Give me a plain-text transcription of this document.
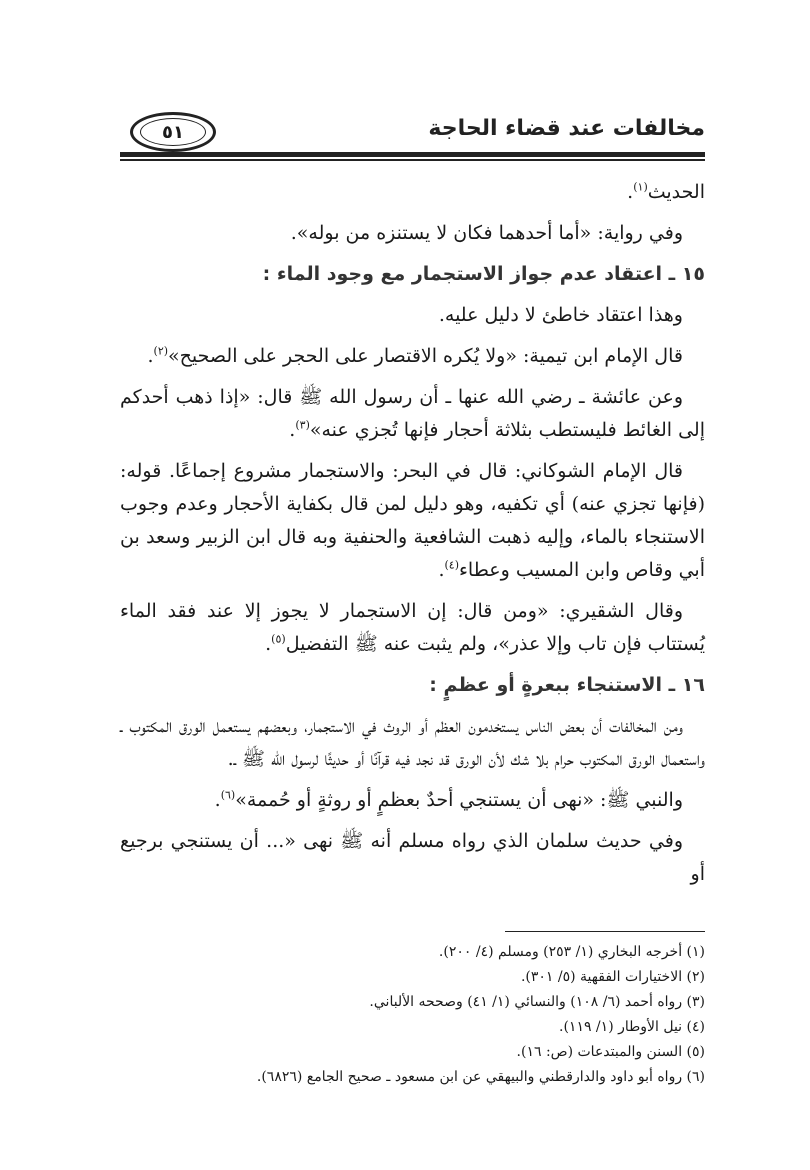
مخالفات عند قضاء الحاجة
٥١

الحديث$^{(١)}$.

وفي رواية: «أما أحدهما فكان لا يستنزه من بوله».

١٥ ـ اعتقاد عدم جواز الاستجمار مع وجود الماء :

وهذا اعتقاد خاطئ لا دليل عليه.

قال الإمام ابن تيمية: «ولا يُكره الاقتصار على الحجر على الصحيح»$^{(٢)}$.

وعن عائشة ـ رضي الله عنها ـ أن رسول الله ﷺ قال: «إذا ذهب أحدكم إلى الغائط فليستطب بثلاثة أحجار فإنها تُجزي عنه»$^{(٣)}$.

قال الإمام الشوكاني: قال في البحر: والاستجمار مشروع إجماعًا. قوله: (فإنها تجزي عنه) أي تكفيه، وهو دليل لمن قال بكفاية الأحجار وعدم وجوب الاستنجاء بالماء، وإليه ذهبت الشافعية والحنفية وبه قال ابن الزبير وسعد بن أبي وقاص وابن المسيب وعطاء$^{(٤)}$.

وقال الشقيري: «ومن قال: إن الاستجمار لا يجوز إلا عند فقد الماء يُستتاب فإن تاب وإلا عذر»، ولم يثبت عنه ﷺ التفضيل$^{(٥)}$.

١٦ ـ الاستنجاء ببعرةٍ أو عظمٍ :

ومن المخالفات أن بعض الناس يستخدمون العظم أو الروث في الاستجمار، وبعضهم يستعمل الورق المكتوب ـ واستعمال الورق المكتوب حرام بلا شك لأن الورق قد نجد فيه قرآنًا أو حديثًا لرسول الله ﷺ ـ.

والنبي ﷺ: «نهى أن يستنجي أحدٌ بعظمٍ أو روثةٍ أو حُممة»$^{(٦)}$.

وفي حديث سلمان الذي رواه مسلم أنه ﷺ نهى «... أن يستنجي برجيع أو

(١) أخرجه البخاري (١/ ٢٥٣) ومسلم (٤/ ٢٠٠).
(٢) الاختيارات الفقهية (٥/ ٣٠١).
(٣) رواه أحمد (٦/ ١٠٨) والنسائي (١/ ٤١) وصححه الألباني.
(٤) نيل الأوطار (١/ ١١٩).
(٥) السنن والمبتدعات (ص: ١٦).
(٦) رواه أبو داود والدارقطني والبيهقي عن ابن مسعود ـ صحيح الجامع (٦٨٢٦).
